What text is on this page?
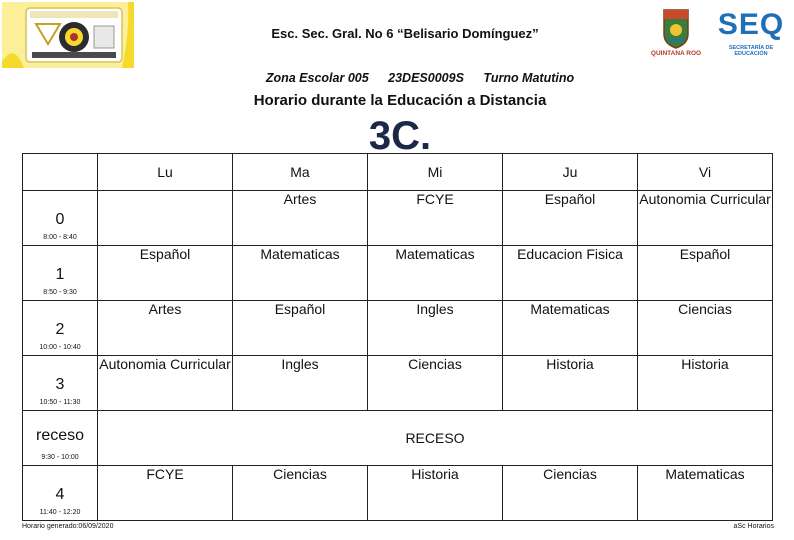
Esc. Sec. Gral. No 6 “Belisario Domínguez”
QUINTANA ROO
SEQ
SECRETARÍA DE EDUCACIÓN
Zona Escolar 005 23DES0009S Turno Matutino
Horario durante la Educación a Distancia
3C.
	Lu	Ma	Mi	Ju	Vi

0
8:00 - 8:40		Artes	FCYE	Español	Autonomia Curricular

1
8:50 - 9:30	Español	Matematicas	Matematicas	Educacion Fisica	Español

2
10:00 - 10:40	Artes	Español	Ingles	Matematicas	Ciencias

3
10:50 - 11:30	Autonomia Curricular	Ingles	Ciencias	Historia	Historia

receso
9:30 - 10:00	RECESO				

4
11:40 - 12:20	FCYE	Ciencias	Historia	Ciencias	Matematicas
Horario generado:06/09/2020	aSc Horarios
